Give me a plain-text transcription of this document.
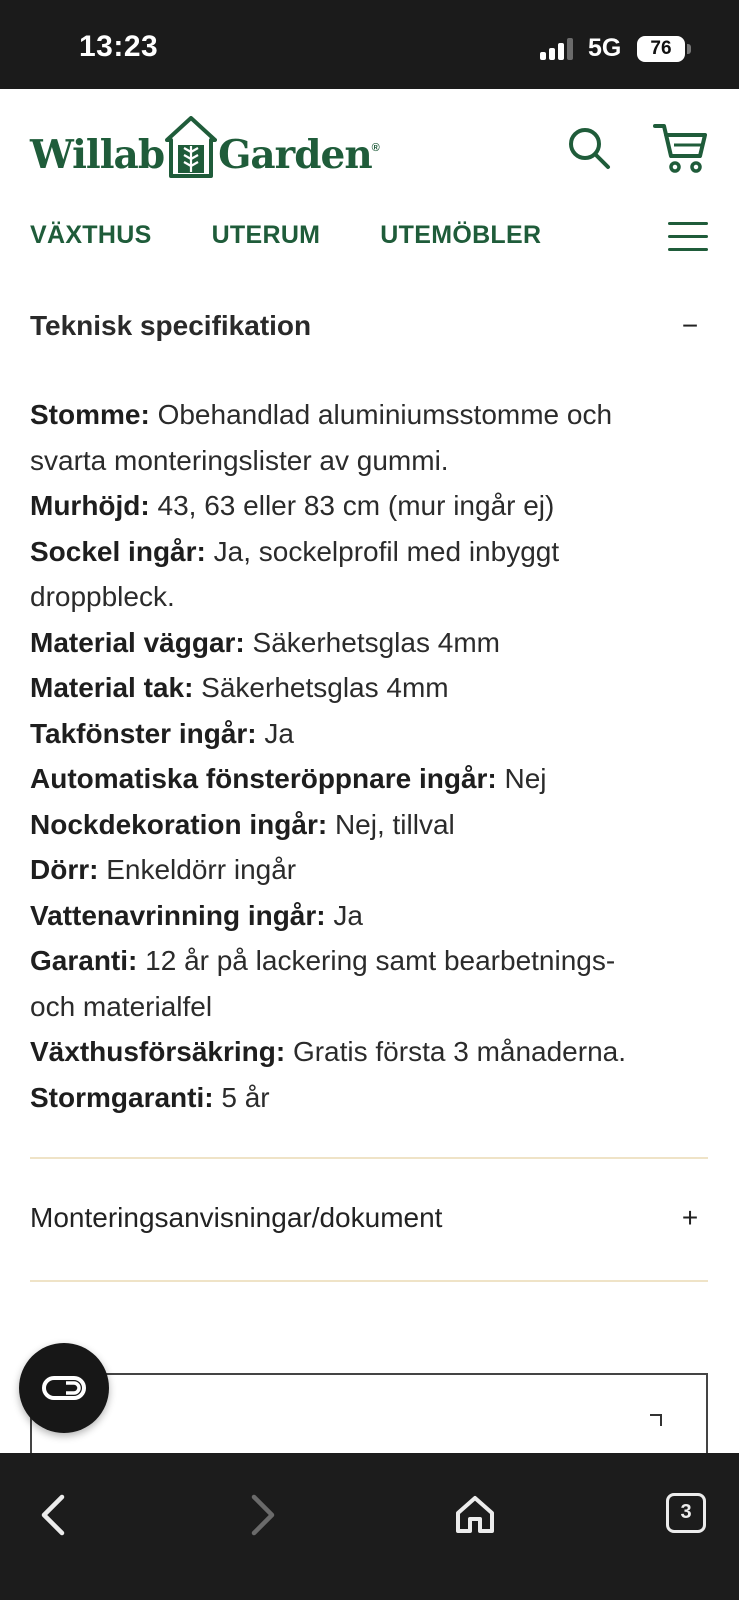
13:23	5G	76
Willab Garden ®
VÄXTHUS UTERUM UTEMÖBLER
Teknisk specifikation	−
Stomme: Obehandlad aluminiumsstomme och
svarta monteringslister av gummi.
Murhöjd: 43, 63 eller 83 cm (mur ingår ej)
Sockel ingår: Ja, sockelprofil med inbyggt
droppbleck.
Material väggar: Säkerhetsglas 4mm
Material tak: Säkerhetsglas 4mm
Takfönster ingår: Ja
Automatiska fönsteröppnare ingår: Nej
Nockdekoration ingår: Nej, tillval
Dörr: Enkeldörr ingår
Vattenavrinning ingår: Ja
Garanti: 12 år på lackering samt bearbetnings-
och materialfel
Växthusförsäkring: Gratis första 3 månaderna.
Stormgaranti: 5 år
Monteringsanvisningar/dokument	+
3
